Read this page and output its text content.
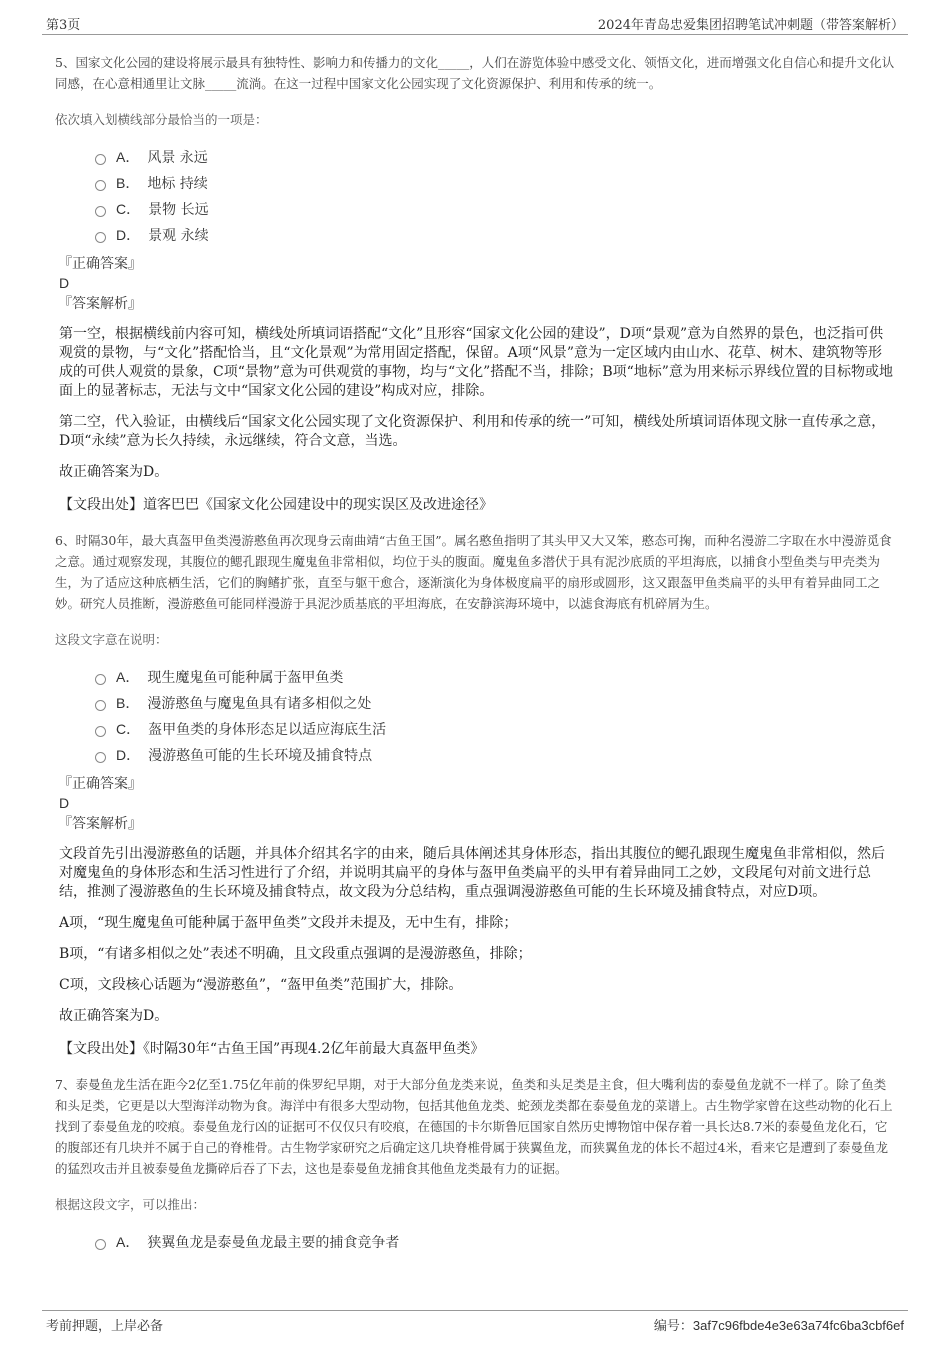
第3页	2024年青岛忠爱集团招聘笔试冲刺题（带答案解析）

5、国家文化公园的建设将展示最具有独特性、影响力和传播力的文化_____，人们在游览体验中感受文化、领悟文化，进而增强文化自信心和提升文化认同感，在心意相通里让文脉_____流淌。在这一过程中国家文化公园实现了文化资源保护、利用和传承的统一。

依次填入划横线部分最恰当的一项是：

A． 风景 永远
B． 地标 持续
C． 景物 长远
D． 景观 永续
『正确答案』
D
『答案解析』

第一空，根据横线前内容可知，横线处所填词语搭配“文化”且形容“国家文化公园的建设”，D项“景观”意为自然界的景色，也泛指可供观赏的景物，与“文化”搭配恰当，且“文化景观”为常用固定搭配，保留。A项“风景”意为一定区域内由山水、花草、树木、建筑物等形成的可供人观赏的景象，C项“景物”意为可供观赏的事物，均与“文化”搭配不当，排除；B项“地标”意为用来标示界线位置的目标物或地面上的显著标志，无法与文中“国家文化公园的建设”构成对应，排除。

第二空，代入验证，由横线后“国家文化公园实现了文化资源保护、利用和传承的统一”可知，横线处所填词语体现文脉一直传承之意，D项“永续”意为长久持续，永远继续，符合文意，当选。

故正确答案为D。

【文段出处】道客巴巴《国家文化公园建设中的现实误区及改进途径》

6、时隔30年，最大真盔甲鱼类漫游憨鱼再次现身云南曲靖“古鱼王国”。属名憨鱼指明了其头甲又大又笨，憨态可掬，而种名漫游二字取在水中漫游觅食之意。通过观察发现，其腹位的鳃孔跟现生魔鬼鱼非常相似，均位于头的腹面。魔鬼鱼多潜伏于具有泥沙底质的平坦海底，以捕食小型鱼类与甲壳类为生，为了适应这种底栖生活，它们的胸鳍扩张，直至与躯干愈合，逐渐演化为身体极度扁平的扇形或圆形，这又跟盔甲鱼类扁平的头甲有着异曲同工之妙。研究人员推断，漫游憨鱼可能同样漫游于具泥沙质基底的平坦海底，在安静滨海环境中，以滤食海底有机碎屑为生。

这段文字意在说明：

A． 现生魔鬼鱼可能种属于盔甲鱼类
B． 漫游憨鱼与魔鬼鱼具有诸多相似之处
C． 盔甲鱼类的身体形态足以适应海底生活
D． 漫游憨鱼可能的生长环境及捕食特点
『正确答案』
D
『答案解析』

文段首先引出漫游憨鱼的话题，并具体介绍其名字的由来，随后具体阐述其身体形态，指出其腹位的鳃孔跟现生魔鬼鱼非常相似，然后对魔鬼鱼的身体形态和生活习性进行了介绍，并说明其扁平的身体与盔甲鱼类扁平的头甲有着异曲同工之妙，文段尾句对前文进行总结，推测了漫游憨鱼的生长环境及捕食特点，故文段为分总结构，重点强调漫游憨鱼可能的生长环境及捕食特点，对应D项。

A项，“现生魔鬼鱼可能种属于盔甲鱼类”文段并未提及，无中生有，排除；

B项，“有诸多相似之处”表述不明确，且文段重点强调的是漫游憨鱼，排除；

C项，文段核心话题为“漫游憨鱼”，“盔甲鱼类”范围扩大，排除。

故正确答案为D。

【文段出处】《时隔30年“古鱼王国”再现4.2亿年前最大真盔甲鱼类》

7、泰曼鱼龙生活在距今2亿至1.75亿年前的侏罗纪早期，对于大部分鱼龙类来说，鱼类和头足类是主食，但大嘴利齿的泰曼鱼龙就不一样了。除了鱼类和头足类，它更是以大型海洋动物为食。海洋中有很多大型动物，包括其他鱼龙类、蛇颈龙类都在泰曼鱼龙的菜谱上。古生物学家曾在这些动物的化石上找到了泰曼鱼龙的咬痕。泰曼鱼龙行凶的证据可不仅仅只有咬痕，在德国的卡尔斯鲁厄国家自然历史博物馆中保存着一具长达8.7米的泰曼鱼龙化石，它的腹部还有几块并不属于自己的脊椎骨。古生物学家研究之后确定这几块脊椎骨属于狭翼鱼龙，而狭翼鱼龙的体长不超过4米，看来它是遭到了泰曼鱼龙的猛烈攻击并且被泰曼鱼龙撕碎后吞了下去，这也是泰曼鱼龙捕食其他鱼龙类最有力的证据。

根据这段文字，可以推出：

A． 狭翼鱼龙是泰曼鱼龙最主要的捕食竞争者
考前押题，上岸必备	编号：3af7c96fbde4e3e63a74fc6ba3cbf6ef
